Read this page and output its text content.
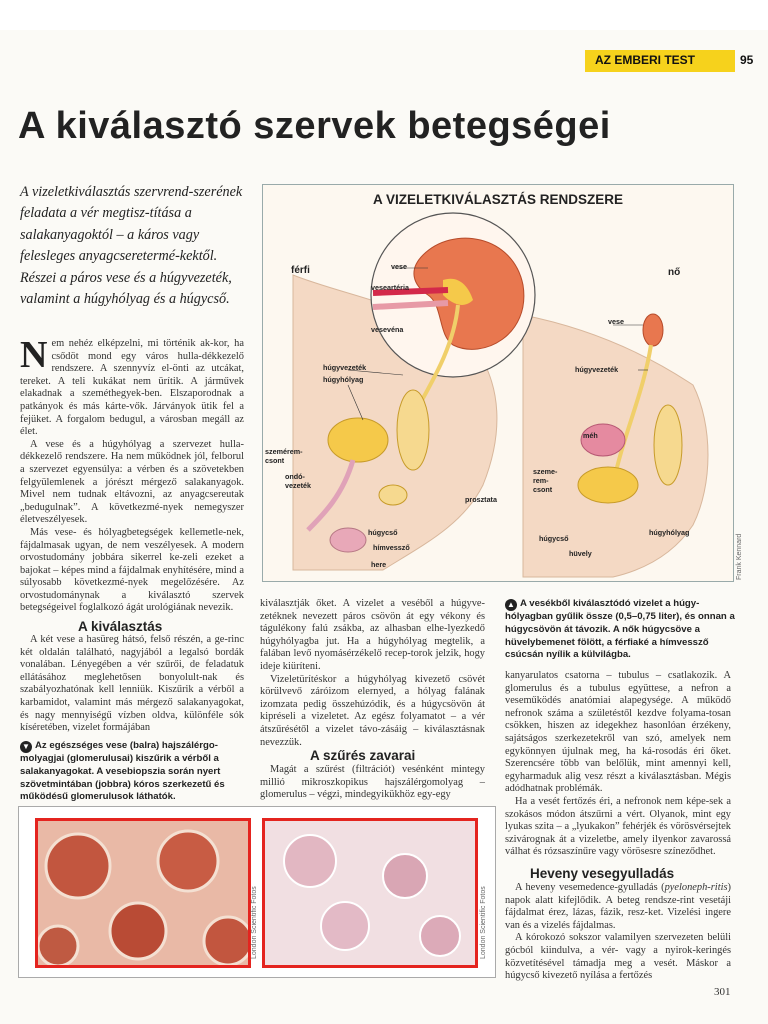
AZ EMBERI TEST	95
A kiválasztó szervek betegségei

A vizeletkiválasztás szervrend-szerének feladata a vér megtisz-títása a salakanyagoktól – a káros vagy felesleges anyagcseretermé-kektől. Részei a páros vese és a húgyvezeték, valamint a húgyhólyag és a húgycső.

Nem nehéz elképzelni, mi történik ak-kor, ha csődöt mond egy város hulla-dékkezelő rendszere. A szennyvíz el-önti az utcákat, tereket. A teli kukákat nem ürítik. A járművek elakadnak a szeméthegyek-ben. Elszaporodnak a patkányok és más kárte-vők. Járványok ütik fel a fejüket. A forgalom bedugul, a városban megáll az élet.

A vese és a húgyhólyag a szervezet hulla-dékkezelő rendszere. Ha nem működnek jól, felborul a szervezet egyensúlya: a vérben és a szövetekben felgyülemlenek a jórészt mérgező salakanyagok. Mivel nem tudnak eltávozni, az anyagcsereutak „bedugulnak”. A következmé-nyek nemegyszer életveszélyesek.

Más vese- és hólyagbetegségek kellemetle-nek, fájdalmasak ugyan, de nem veszélyesek. A modern orvostudomány jobbára sikerrel ke-zeli ezeket a bajokat – képes mind a fájdalmak enyhítésére, mind a súlyosabb következmé-nyek megelőzésére. Az orvostudománynak a kiválasztó szervek betegségeivel foglalkozó ágát urológiának nevezik.

A kiválasztás

A két vese a hasüreg hátsó, felső részén, a ge-rinc két oldalán található, nagyjából a legalsó bordák vonalában. Lényegében a vér szűrői, de feladatuk ellátásához meglehetősen bonyolult-nak és szabályozhatónak kell lenniük. Kiszűrik a vérből a karbamidot, valamint más mérgező salakanyagokat, és nagy mennyiségű vízben oldva, különféle sók kíséretében, vizelet formájában

▼ Az egészséges vese (balra) hajszálérgo-molyagjai (glomerulusai) kiszűrik a vérből a salakanyagokat. A vesebiopszia során nyert szövetmintában (jobbra) kóros szerkezetű és működésű glomerulusok láthatók.

A VIZELETKIVÁLASZTÁS RENDSZERE
férfi	nő
vese
veseartéria
vesevéna
húgyvezeték
húgyhólyag
szemérem-csont
ondó-vezeték
prosztata
húgycső
hímvessző
here
vese
húgyvezeték
méh
szeme-rem-csont
húgycső
hüvely
húgyhólyag
Frank Kennard

kiválasztják őket. A vizelet a veséből a húgyve-zetéknek nevezett páros csövön át egy vékony és tágulékony falú zsákba, az alhasban elhe-lyezkedő húgyhólyagba jut. Ha a húgyhólyag megtelik, a falában levő nyomásérzékelő recep-torok jelzik, hogy ideje kiüríteni.

Vizeletürítéskor a húgyhólyag kivezető csövét körülvevő záróizom elernyed, a hólyag falának izomzata pedig összehúzódik, és a húgycsövön át kipréseli a vizeletet. Az egész folyamatot – a vér átszűrésétől a vizelet távo-zásáig – kiválasztásnak nevezzük.

A szűrés zavarai

Magát a szűrést (filtrációt) vesénként mintegy millió mikroszkopikus hajszálérgomolyag – glomerulus – végzi, mindegyikükhöz egy-egy

▲ A vesékből kiválasztódó vizelet a húgy-hólyagban gyűlik össze (0,5–0,75 liter), és onnan a húgycsövön át távozik. A nők húgycsöve a hüvelybemenet fölött, a férfiaké a hímvessző csúcsán nyílik a külvilágba.

kanyarulatos csatorna – tubulus – csatlakozik. A glomerulus és a tubulus együttese, a nefron a veseműködés anatómiai alapegysége. A működő nefronok száma a születéstől kezdve folyama-tosan csökken, hiszen az idegekhez hasonlóan érzékeny, sajátságos szerkezetekről van szó, amelyek nem egykönnyen újulnak meg, ha ká-rosodás éri őket. Szerencsére több van belőlük, mint amennyi kell, egyharmaduk alig vesz részt a kiválasztásban. Mégis adódhatnak problémák.

Ha a vesét fertőzés éri, a nefronok nem képe-sek a szokásos módon átszűrni a vért. Olyanok, mint egy lyukas szita – a „lyukakon” fehérjék és vörösvérsejtek szivárognak át a vizeletbe, amely ilyenkor zavarossá válhat és rózsaszínűre vagy vörösesre színeződhet.

Heveny vesegyulladás

A heveny vesemedence-gyulladás (pyeloneph-ritis) napok alatt kifejlődik. A beteg rendsze-rint vesetáji fájdalmat érez, lázas, fázik, resz-ket. Vizelési ingere van és a vizelés fájdalmas.

A kórokozó sokszor valamilyen szervezeten belüli gócból kiindulva, a vér- vagy a nyirok-keringés közvetítésével támadja meg a vesét. Máskor a húgycső kivezető nyílása a fertőzés

London Scientific Fotos	London Scientific Fotos
301
